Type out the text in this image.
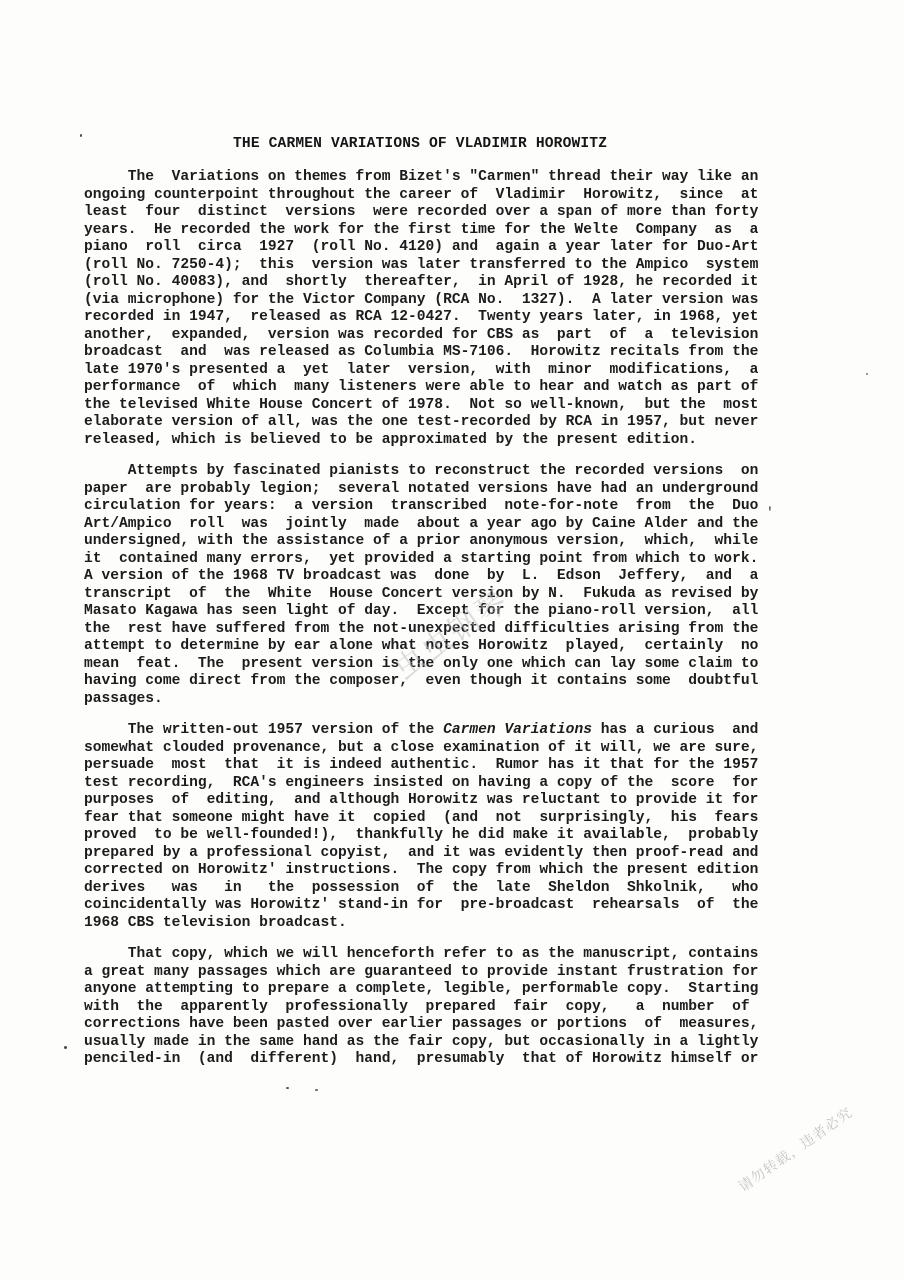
THE CARMEN VARIATIONS OF VLADIMIR HOROWITZ
The  Variations on themes from Bizet's "Carmen" thread their way like an
ongoing counterpoint throughout the career of  Vladimir  Horowitz,  since  at
least  four  distinct  versions  were recorded over a span of more than forty
years.  He recorded the work for the first time for the Welte  Company  as  a
piano  roll  circa  1927  (roll No. 4120) and  again a year later for Duo-Art
(roll No. 7250-4);  this  version was later transferred to the Ampico  system
(roll No. 40083), and  shortly  thereafter,  in April of 1928, he recorded it
(via microphone) for the Victor Company (RCA No.  1327).  A later version was
recorded in 1947,  released as RCA 12-0427.  Twenty years later, in 1968, yet
another,  expanded,  version was recorded for CBS as  part  of  a  television
broadcast  and  was released as Columbia MS-7106.  Horowitz recitals from the
late 1970's presented a  yet  later  version,  with  minor  modifications,  a
performance  of  which  many listeners were able to hear and watch as part of
the televised White House Concert of 1978.  Not so well-known,  but the  most
elaborate version of all, was the one test-recorded by RCA in 1957, but never
released, which is believed to be approximated by the present edition.
Attempts by fascinated pianists to reconstruct the recorded versions  on
paper  are probably legion;  several notated versions have had an underground
circulation for years:  a version  transcribed  note-for-note  from  the  Duo
Art/Ampico  roll  was  jointly  made  about a year ago by Caine Alder and the
undersigned, with the assistance of a prior anonymous version,  which,  while
it  contained many errors,  yet provided a starting point from which to work.
A version of the 1968 TV broadcast was  done  by  L.  Edson  Jeffery,  and  a
transcript  of  the  White  House Concert version by N.  Fukuda as revised by
Masato Kagawa has seen light of day.  Except for the piano-roll version,  all
the  rest have suffered from the not-unexpected difficulties arising from the
attempt to determine by ear alone what notes Horowitz  played,  certainly  no
mean  feat.  The  present version is the only one which can lay some claim to
having come direct from the composer,  even though it contains some  doubtful
passages.
The written-out 1957 version of the Carmen Variations has a curious  and
somewhat clouded provenance, but a close examination of it will, we are sure,
persuade  most  that  it is indeed authentic.  Rumor has it that for the 1957
test recording,  RCA's engineers insisted on having a copy of the  score  for
purposes  of  editing,  and although Horowitz was reluctant to provide it for
fear that someone might have it  copied  (and  not  surprisingly,  his  fears
proved  to be well-founded!),  thankfully he did make it available,  probably
prepared by a professional copyist,  and it was evidently then proof-read and
corrected on Horowitz' instructions.  The copy from which the present edition
derives   was   in   the  possession  of  the  late  Sheldon  Shkolnik,   who
coincidentally was Horowitz' stand-in for  pre-broadcast  rehearsals  of  the
1968 CBS television broadcast.
That copy, which we will henceforth refer to as the manuscript, contains
a great many passages which are guaranteed to provide instant frustration for
anyone attempting to prepare a complete, legible, performable copy.  Starting
with  the  apparently  professionally  prepared  fair  copy,   a  number  of
corrections have been pasted over earlier passages or portions  of  measures,
usually made in the same hand as the fair copy, but occasionally in a lightly
penciled-in  (and  different)  hand,  presumably  that of Horowitz himself or
虫虫钢琴
请勿转载，违者必究
'
